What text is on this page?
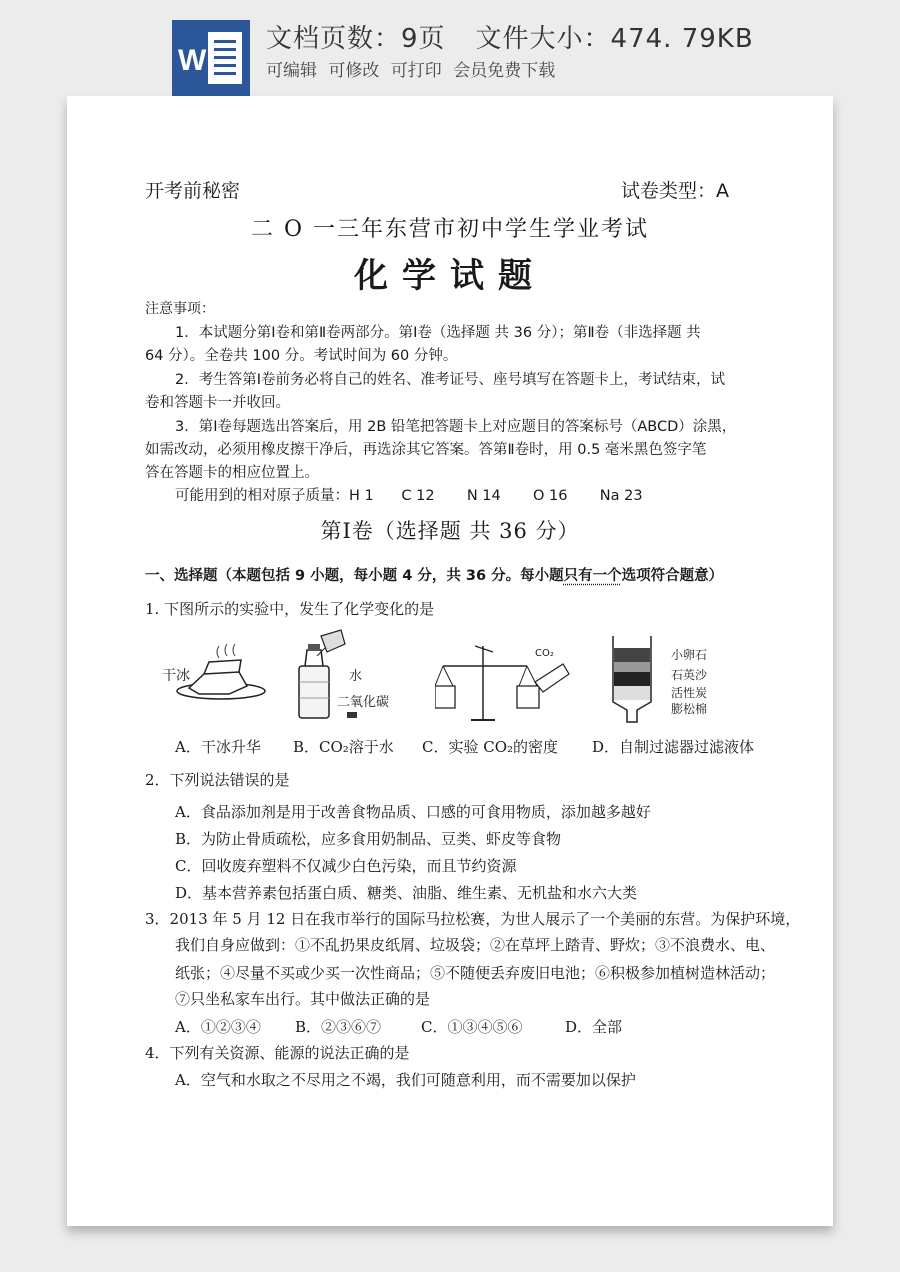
W
文档页数：9页 文件大小：474. 79KB
可编辑 可修改 可打印 会员免费下载
开考前秘密	试卷类型：A
二 O 一三年东营市初中学生学业考试
化学试题
注意事项：
1．本试题分第Ⅰ卷和第Ⅱ卷两部分。第Ⅰ卷（选择题 共 36 分）；第Ⅱ卷（非选择题 共
64 分）。全卷共 100 分。考试时间为 60 分钟。
2．考生答第Ⅰ卷前务必将自己的姓名、准考证号、座号填写在答题卡上，考试结束，试
卷和答题卡一并收回。
3．第Ⅰ卷每题选出答案后，用 2B 铅笔把答题卡上对应题目的答案标号（ABCD）涂黑，
如需改动，必须用橡皮擦干净后，再选涂其它答案。答第Ⅱ卷时，用 0.5 毫米黑色签字笔
答在答题卡的相应位置上。
可能用到的相对原子质量：H 1      C 12       N 14       O 16       Na 23
第Ⅰ卷（选择题 共 36 分）
一、选择题（本题包括 9 小题，每小题 4 分，共 36 分。每小题只有一个选项符合题意）
1. 下图所示的实验中，发生了化学变化的是
干冰	水
二氧化碳
CO₂	小卵石
石英沙
活性炭
膨松棉
A．干冰升华 B．CO₂溶于水 C．实验 CO₂的密度 D．自制过滤器过滤液体
2．下列说法错误的是
A．食品添加剂是用于改善食物品质、口感的可食用物质，添加越多越好
B．为防止骨质疏松，应多食用奶制品、豆类、虾皮等食物
C．回收废弃塑料不仅减少白色污染，而且节约资源
D．基本营养素包括蛋白质、糖类、油脂、维生素、无机盐和水六大类
3．2013 年 5 月 12 日在我市举行的国际马拉松赛，为世人展示了一个美丽的东营。为保护环境，
我们自身应做到：①不乱扔果皮纸屑、垃圾袋；②在草坪上踏青、野炊；③不浪费水、电、
纸张；④尽量不买或少买一次性商品；⑤不随便丢弃废旧电池；⑥积极参加植树造林活动；
⑦只坐私家车出行。其中做法正确的是
A．①②③④ B．②③⑥⑦	C．①③④⑤⑥	D．全部
4．下列有关资源、能源的说法正确的是
A．空气和水取之不尽用之不竭，我们可随意利用，而不需要加以保护
